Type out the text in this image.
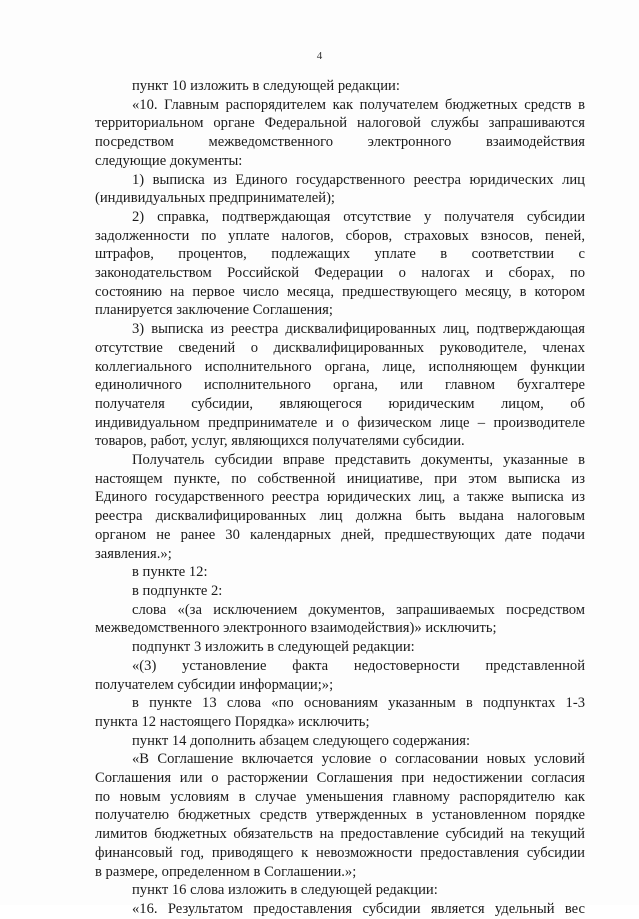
4
пункт 10 изложить в следующей редакции:
«10. Главным распорядителем как получателем бюджетных средств в
территориальном органе Федеральной налоговой службы запрашиваются
посредством межведомственного электронного взаимодействия
следующие документы:
1) выписка из Единого государственного реестра юридических лиц
(индивидуальных предпринимателей);
2) справка, подтверждающая отсутствие у получателя субсидии
задолженности по уплате налогов, сборов, страховых взносов, пеней,
штрафов, процентов, подлежащих уплате в соответствии с
законодательством Российской Федерации о налогах и сборах, по
состоянию на первое число месяца, предшествующего месяцу, в котором
планируется заключение Соглашения;
3) выписка из реестра дисквалифицированных лиц, подтверждающая
отсутствие сведений о дисквалифицированных руководителе, членах
коллегиального исполнительного органа, лице, исполняющем функции
единоличного исполнительного органа, или главном бухгалтере
получателя субсидии, являющегося юридическим лицом, об
индивидуальном предпринимателе и о физическом лице – производителе
товаров, работ, услуг, являющихся получателями субсидии.
Получатель субсидии вправе представить документы, указанные в
настоящем пункте, по собственной инициативе, при этом выписка из
Единого государственного реестра юридических лиц, а также выписка из
реестра дисквалифицированных лиц должна быть выдана налоговым
органом не ранее 30 календарных дней, предшествующих дате подачи
заявления.»;
в пункте 12:
в подпункте 2:
слова «(за исключением документов, запрашиваемых посредством
межведомственного электронного взаимодействия)» исключить;
подпункт 3 изложить в следующей редакции:
«(3) установление факта недостоверности представленной
получателем субсидии информации;»;
в пункте 13 слова «по основаниям указанным в подпунктах 1-3
пункта 12 настоящего Порядка» исключить;
пункт 14 дополнить абзацем следующего содержания:
«В Соглашение включается условие о согласовании новых условий
Соглашения или о расторжении Соглашения при недостижении согласия
по новым условиям в случае уменьшения главному распорядителю как
получателю бюджетных средств утвержденных в установленном порядке
лимитов бюджетных обязательств на предоставление субсидий на текущий
финансовый год, приводящего к невозможности предоставления субсидии
в размере, определенном в Соглашении.»;
пункт 16 слова изложить в следующей редакции:
«16. Результатом предоставления субсидии является удельный вес
